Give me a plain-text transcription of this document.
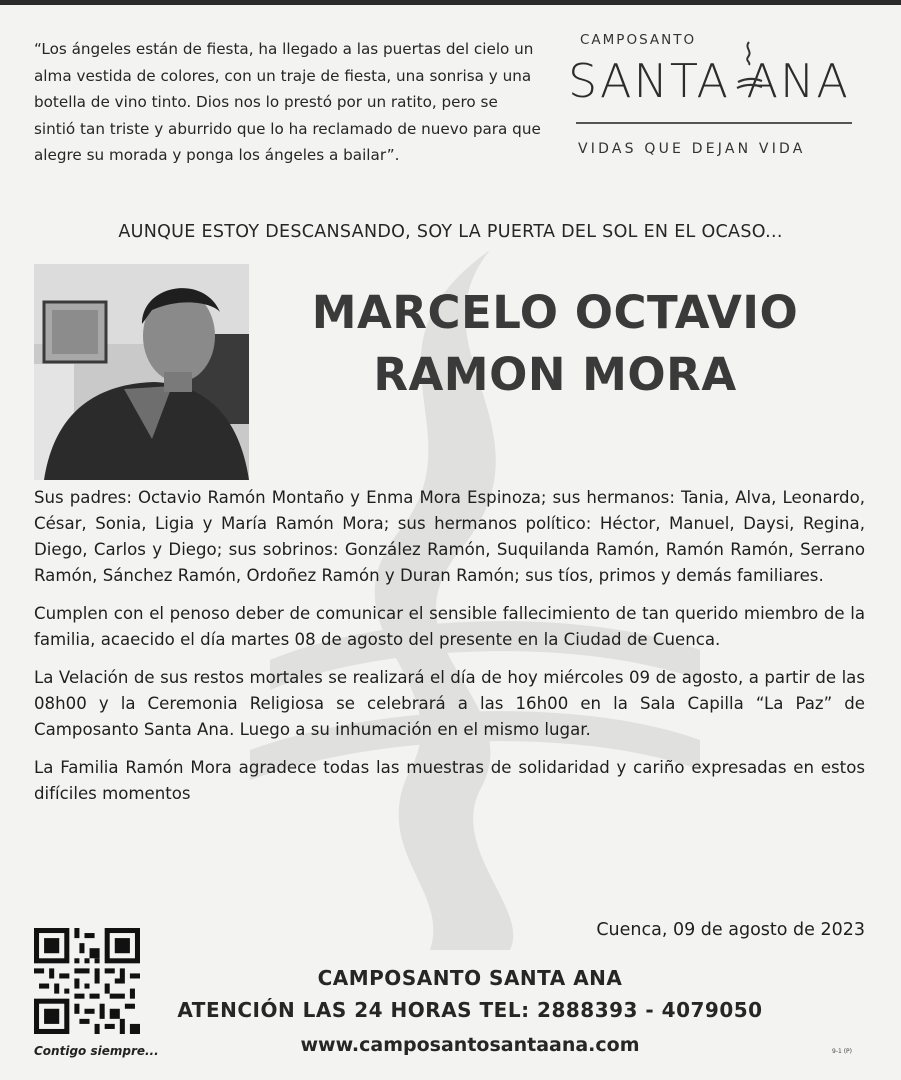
“Los ángeles están de fiesta, ha llegado a las puertas del cielo un alma vestida de colores, con un traje de fiesta, una sonrisa y una botella de vino tinto. Dios nos lo prestó por un ratito, pero se sintió tan triste y aburrido que lo ha reclamado de nuevo para que alegre su morada y ponga los ángeles a bailar”.
CAMPOSANTO
SANTA ANA
VIDAS QUE DEJAN VIDA
AUNQUE ESTOY DESCANSANDO, SOY LA PUERTA DEL SOL EN EL OCASO...
MARCELO OCTAVIO
RAMON MORA

Sus padres: Octavio Ramón Montaño y Enma Mora Espinoza; sus hermanos: Tania, Alva, Leonardo, César, Sonia, Ligia y María Ramón Mora; sus hermanos político: Héctor, Manuel, Daysi, Regina, Diego, Carlos y Diego; sus sobrinos: González Ramón, Suquilanda Ramón, Ramón Ramón, Serrano Ramón, Sánchez Ramón, Ordoñez Ramón y Duran Ramón; sus tíos, primos y demás familiares.

Cumplen con el penoso deber de comunicar el sensible fallecimiento de tan querido miembro de la familia, acaecido el día martes 08 de agosto del presente en la Ciudad de Cuenca.

La Velación de sus restos mortales se realizará el día de hoy miércoles 09 de agosto, a partir de las 08h00 y la Ceremonia Religiosa se celebrará a las 16h00 en la Sala Capilla “La Paz” de Camposanto Santa Ana. Luego a su inhumación en el mismo lugar.

La Familia Ramón Mora agradece todas las muestras de solidaridad y cariño expresadas en estos difíciles momentos

Cuenca, 09 de agosto de 2023
Contigo siempre...
CAMPOSANTO SANTA ANA
ATENCIÓN LAS 24 HORAS TEL: 2888393 - 4079050
www.camposantosantaana.com	9-1 (P)
